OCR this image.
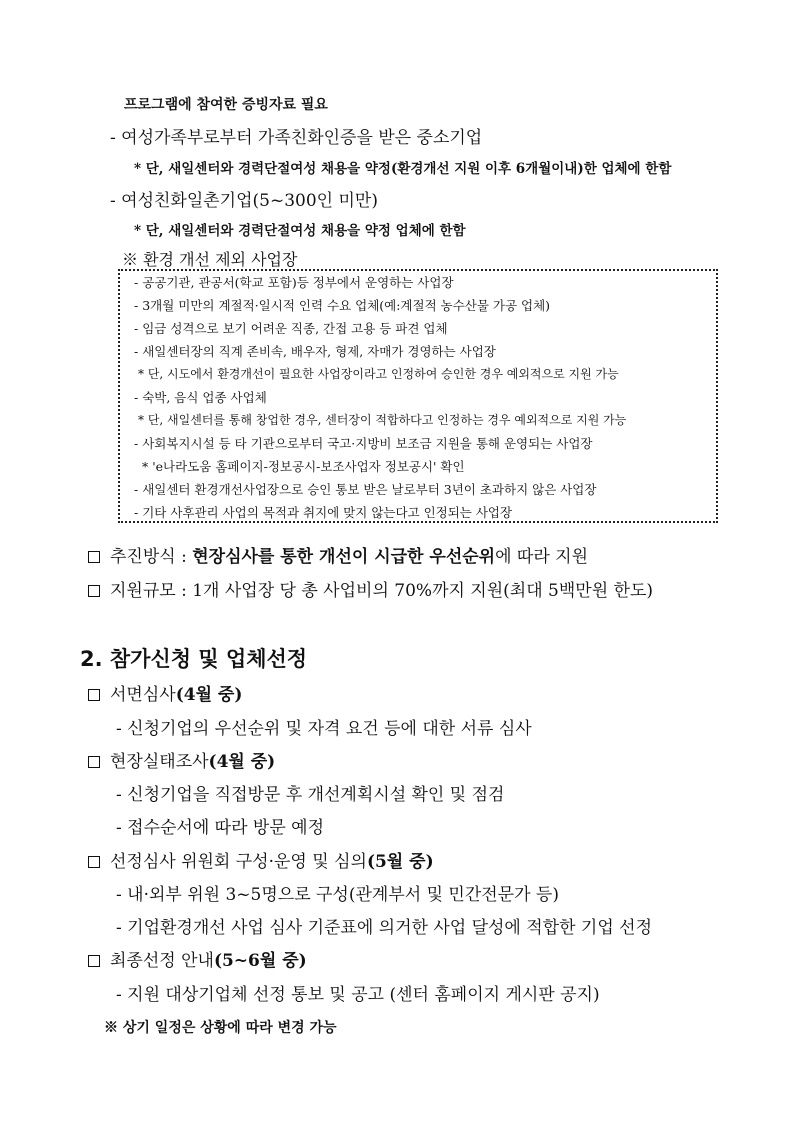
프로그램에 참여한 증빙자료 필요
- 여성가족부로부터 가족친화인증을 받은 중소기업
* 단, 새일센터와 경력단절여성 채용을 약정(환경개선 지원 이후 6개월이내)한 업체에 한함
- 여성친화일촌기업(5~300인 미만)
* 단, 새일센터와 경력단절여성 채용을 약정 업체에 한함
※ 환경 개선 제외 사업장
- 공공기관, 관공서(학교 포함)등 정부에서 운영하는 사업장
- 3개월 미만의 계절적·일시적 인력 수요 업체(예:계절적 농수산물 가공 업체)
- 임금 성격으로 보기 어려운 직종, 간접 고용 등 파견 업체
- 새일센터장의 직계 존비속, 배우자, 형제, 자매가 경영하는 사업장
* 단, 시도에서 환경개선이 필요한 사업장이라고 인정하여 승인한 경우 예외적으로 지원 가능
- 숙박, 음식 업종 사업체
* 단, 새일센터를 통해 창업한 경우, 센터장이 적합하다고 인정하는 경우 예외적으로 지원 가능
- 사회복지시설 등 타 기관으로부터 국고·지방비 보조금 지원을 통해 운영되는 사업장
* 'e나라도움 홈페이지-정보공시-보조사업자 정보공시' 확인
- 새일센터 환경개선사업장으로 승인 통보 받은 날로부터 3년이 초과하지 않은 사업장
- 기타 사후관리 사업의 목적과 취지에 맞지 않는다고 인정되는 사업장
추진방식 : 현장심사를 통한 개선이 시급한 우선순위에 따라 지원
지원규모 : 1개 사업장 당 총 사업비의 70%까지 지원(최대 5백만원 한도)
2. 참가신청 및 업체선정
서면심사(4월 중)
- 신청기업의 우선순위 및 자격 요건 등에 대한 서류 심사
현장실태조사(4월 중)
- 신청기업을 직접방문 후 개선계획시설 확인 및 점검
- 접수순서에 따라 방문 예정
선정심사 위원회 구성·운영 및 심의(5월 중)
- 내·외부 위원 3~5명으로 구성(관계부서 및 민간전문가 등)
- 기업환경개선 사업 심사 기준표에 의거한 사업 달성에 적합한 기업 선정
최종선정 안내(5~6월 중)
- 지원 대상기업체 선정 통보 및 공고 (센터 홈페이지 게시판 공지)
※ 상기 일정은 상황에 따라 변경 가능
